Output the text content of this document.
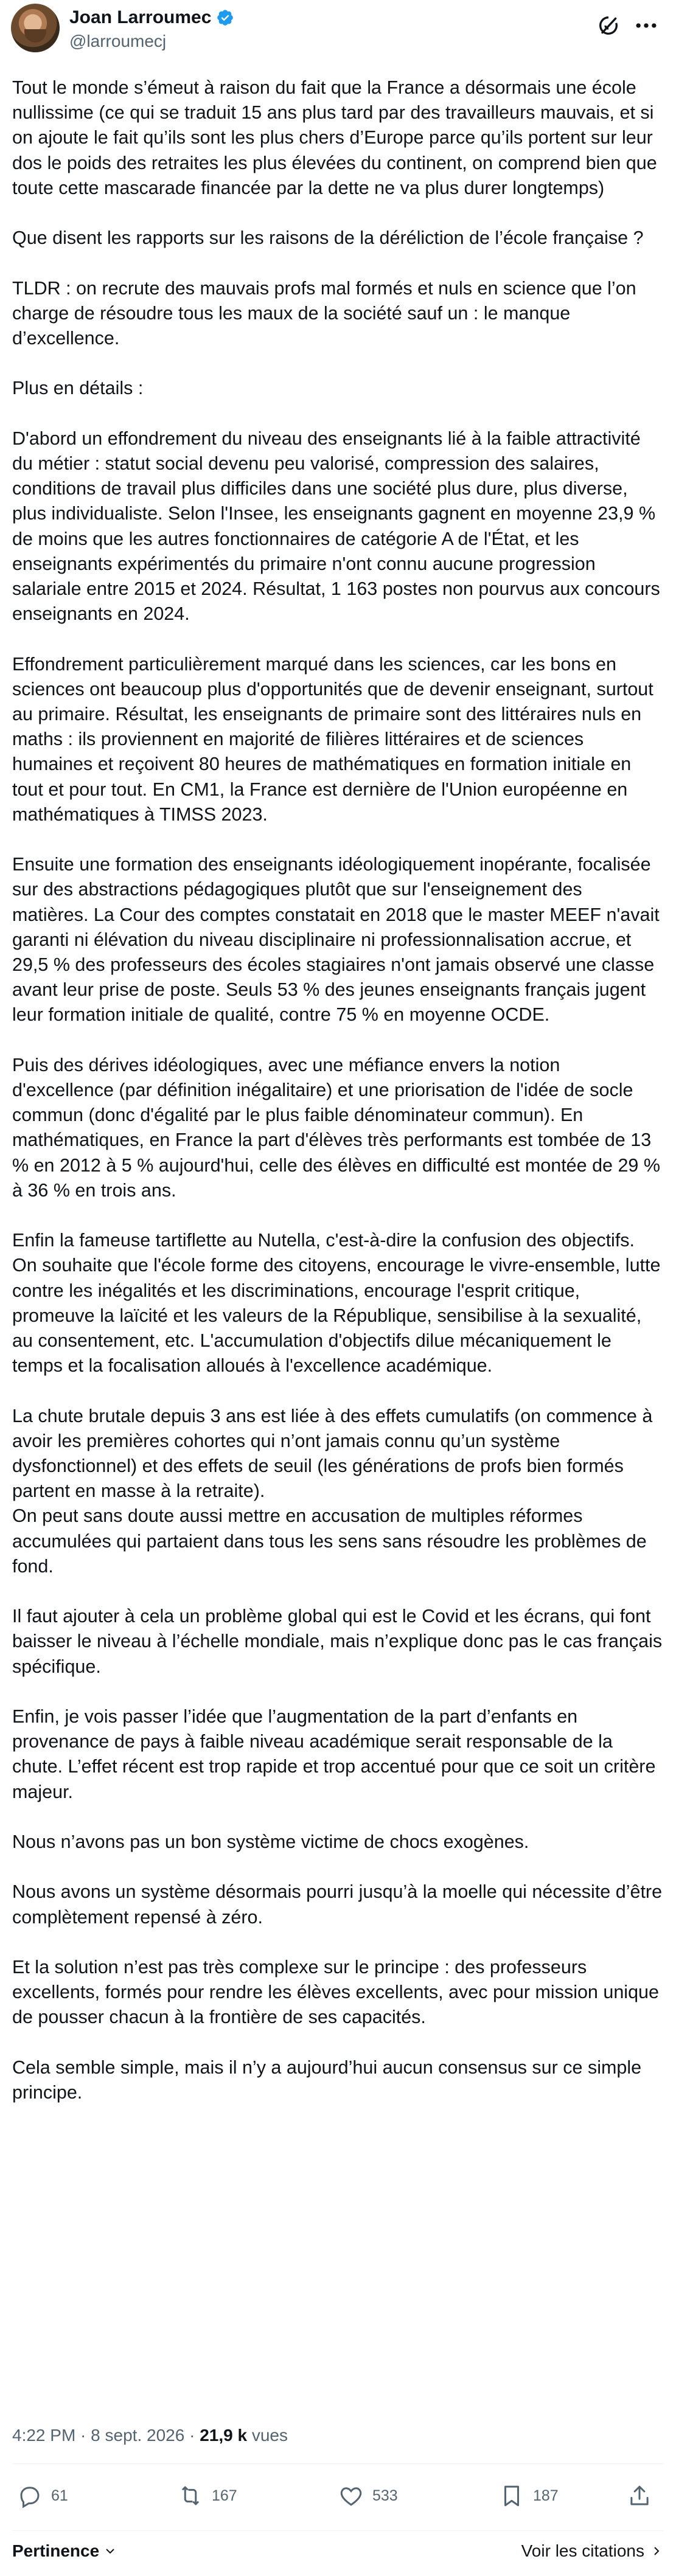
Joan Larroumec
@larroumecj

Tout le monde s’émeut à raison du fait que la France a désormais une école nullissime (ce qui se traduit 15 ans plus tard par des travailleurs mauvais, et si on ajoute le fait qu’ils sont les plus chers d’Europe parce qu’ils portent sur leur dos le poids des retraites les plus élevées du continent, on comprend bien que toute cette mascarade financée par la dette ne va plus durer longtemps)

Que disent les rapports sur les raisons de la déréliction de l’école française ?

TLDR : on recrute des mauvais profs mal formés et nuls en science que l’on charge de résoudre tous les maux de la société sauf un : le manque d’excellence.

Plus en détails :

D'abord un effondrement du niveau des enseignants lié à la faible attractivité du métier : statut social devenu peu valorisé, compression des salaires, conditions de travail plus difficiles dans une société plus dure, plus diverse, plus individualiste. Selon l'Insee, les enseignants gagnent en moyenne 23,9 % de moins que les autres fonctionnaires de catégorie A de l'État, et les enseignants expérimentés du primaire n'ont connu aucune progression salariale entre 2015 et 2024. Résultat, 1 163 postes non pourvus aux concours enseignants en 2024.

Effondrement particulièrement marqué dans les sciences, car les bons en sciences ont beaucoup plus d'opportunités que de devenir enseignant, surtout au primaire. Résultat, les enseignants de primaire sont des littéraires nuls en maths : ils proviennent en majorité de filières littéraires et de sciences humaines et reçoivent 80 heures de mathématiques en formation initiale en tout et pour tout. En CM1, la France est dernière de l'Union européenne en mathématiques à TIMSS 2023.

Ensuite une formation des enseignants idéologiquement inopérante, focalisée sur des abstractions pédagogiques plutôt que sur l'enseignement des matières. La Cour des comptes constatait en 2018 que le master MEEF n'avait garanti ni élévation du niveau disciplinaire ni professionnalisation accrue, et 29,5 % des professeurs des écoles stagiaires n'ont jamais observé une classe avant leur prise de poste. Seuls 53 % des jeunes enseignants français jugent leur formation initiale de qualité, contre 75 % en moyenne OCDE.

Puis des dérives idéologiques, avec une méfiance envers la notion d'excellence (par définition inégalitaire) et une priorisation de l'idée de socle commun (donc d'égalité par le plus faible dénominateur commun). En mathématiques, en France la part d'élèves très performants est tombée de 13 % en 2012 à 5 % aujourd'hui, celle des élèves en difficulté est montée de 29 % à 36 % en trois ans.

Enfin la fameuse tartiflette au Nutella, c'est-à-dire la confusion des objectifs. On souhaite que l'école forme des citoyens, encourage le vivre-ensemble, lutte contre les inégalités et les discriminations, encourage l'esprit critique, promeuve la laïcité et les valeurs de la République, sensibilise à la sexualité, au consentement, etc. L'accumulation d'objectifs dilue mécaniquement le temps et la focalisation alloués à l'excellence académique.

La chute brutale depuis 3 ans est liée à des effets cumulatifs (on commence à avoir les premières cohortes qui n’ont jamais connu qu’un système dysfonctionnel) et des effets de seuil (les générations de profs bien formés partent en masse à la retraite).
On peut sans doute aussi mettre en accusation de multiples réformes accumulées qui partaient dans tous les sens sans résoudre les problèmes de fond.

Il faut ajouter à cela un problème global qui est le Covid et les écrans, qui font baisser le niveau à l’échelle mondiale, mais n’explique donc pas le cas français spécifique.

Enfin, je vois passer l’idée que l’augmentation de la part d’enfants en provenance de pays à faible niveau académique serait responsable de la chute. L’effet récent est trop rapide et trop accentué pour que ce soit un critère majeur.

Nous n’avons pas un bon système victime de chocs exogènes.

Nous avons un système désormais pourri jusqu’à la moelle qui nécessite d’être complètement repensé à zéro.

Et la solution n’est pas très complexe sur le principe : des professeurs excellents, formés pour rendre les élèves excellents, avec pour mission unique de pousser chacun à la frontière de ses capacités.

Cela semble simple, mais il n’y a aujourd’hui aucun consensus sur ce simple principe.

4:22 PM · 8 sept. 2026 · 21,9 k vues
61	167	533	187
Pertinence	Voir les citations
